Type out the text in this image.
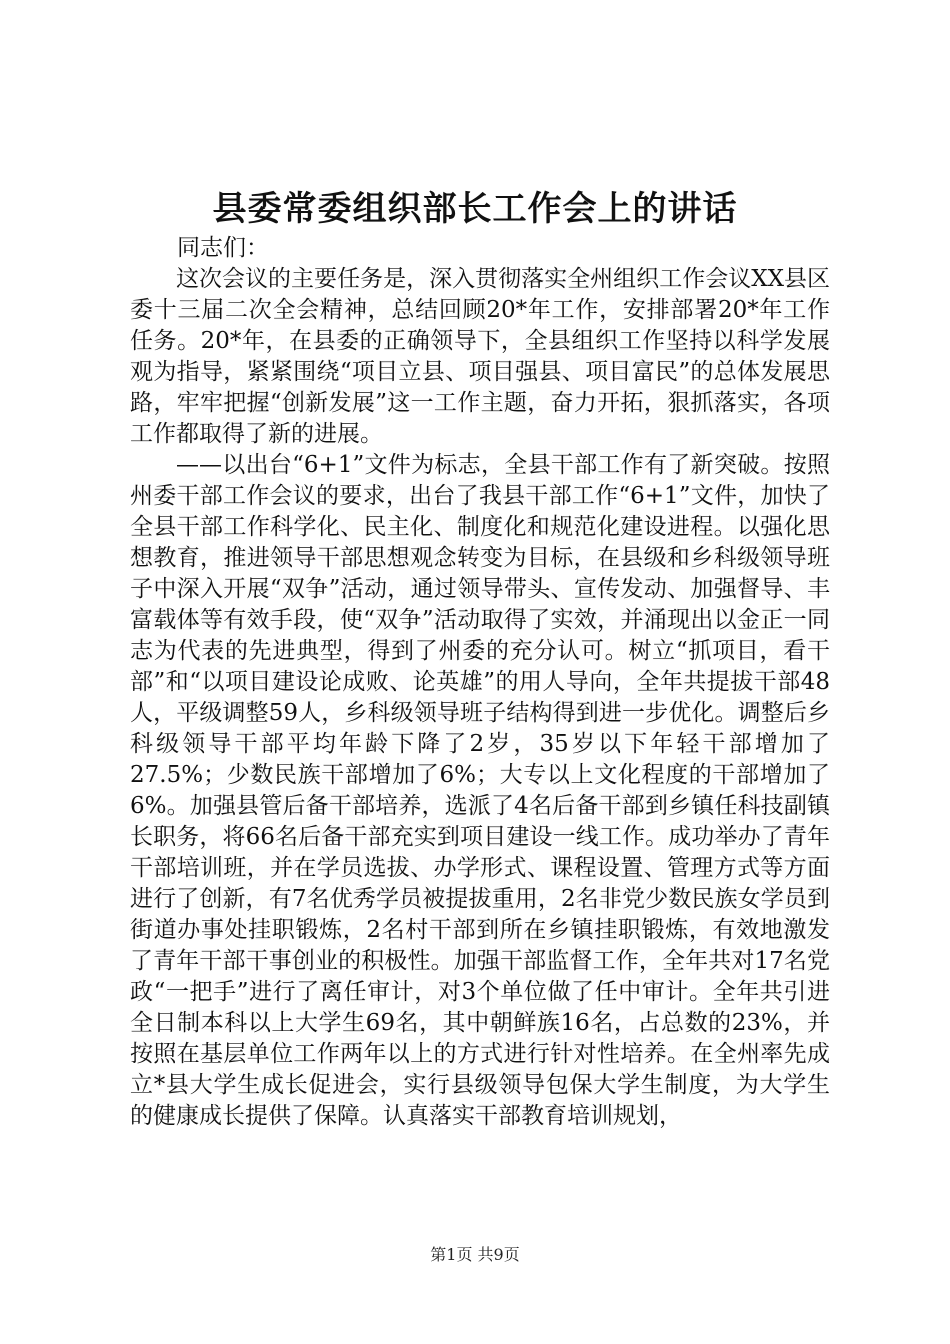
县委常委组织部长工作会上的讲话
同志们：

这次会议的主要任务是，深入贯彻落实全州组织工作会议XX县区委十三届二次全会精神，总结回顾20*年工作，安排部署20*年工作任务。20*年，在县委的正确领导下，全县组织工作坚持以科学发展观为指导，紧紧围绕“项目立县、项目强县、项目富民”的总体发展思路，牢牢把握“创新发展”这一工作主题，奋力开拓，狠抓落实，各项工作都取得了新的进展。

——以出台“6+1”文件为标志，全县干部工作有了新突破。按照州委干部工作会议的要求，出台了我县干部工作“6+1”文件，加快了全县干部工作科学化、民主化、制度化和规范化建设进程。以强化思想教育，推进领导干部思想观念转变为目标，在县级和乡科级领导班子中深入开展“双争”活动，通过领导带头、宣传发动、加强督导、丰富载体等有效手段，使“双争”活动取得了实效，并涌现出以金正一同志为代表的先进典型，得到了州委的充分认可。树立“抓项目，看干部”和“以项目建设论成败、论英雄”的用人导向，全年共提拔干部48人，平级调整59人，乡科级领导班子结构得到进一步优化。调整后乡科级领导干部平均年龄下降了2岁，35岁以下年轻干部增加了27.5%；少数民族干部增加了6%；大专以上文化程度的干部增加了6%。加强县管后备干部培养，选派了4名后备干部到乡镇任科技副镇长职务，将66名后备干部充实到项目建设一线工作。成功举办了青年干部培训班，并在学员选拔、办学形式、课程设置、管理方式等方面进行了创新，有7名优秀学员被提拔重用，2名非党少数民族女学员到街道办事处挂职锻炼，2名村干部到所在乡镇挂职锻炼，有效地激发了青年干部干事创业的积极性。加强干部监督工作，全年共对17名党政“一把手”进行了离任审计，对3个单位做了任中审计。全年共引进全日制本科以上大学生69名，其中朝鲜族16名，占总数的23%，并按照在基层单位工作两年以上的方式进行针对性培养。在全州率先成立*县大学生成长促进会，实行县级领导包保大学生制度，为大学生的健康成长提供了保障。认真落实干部教育培训规划，

第1页 共9页
